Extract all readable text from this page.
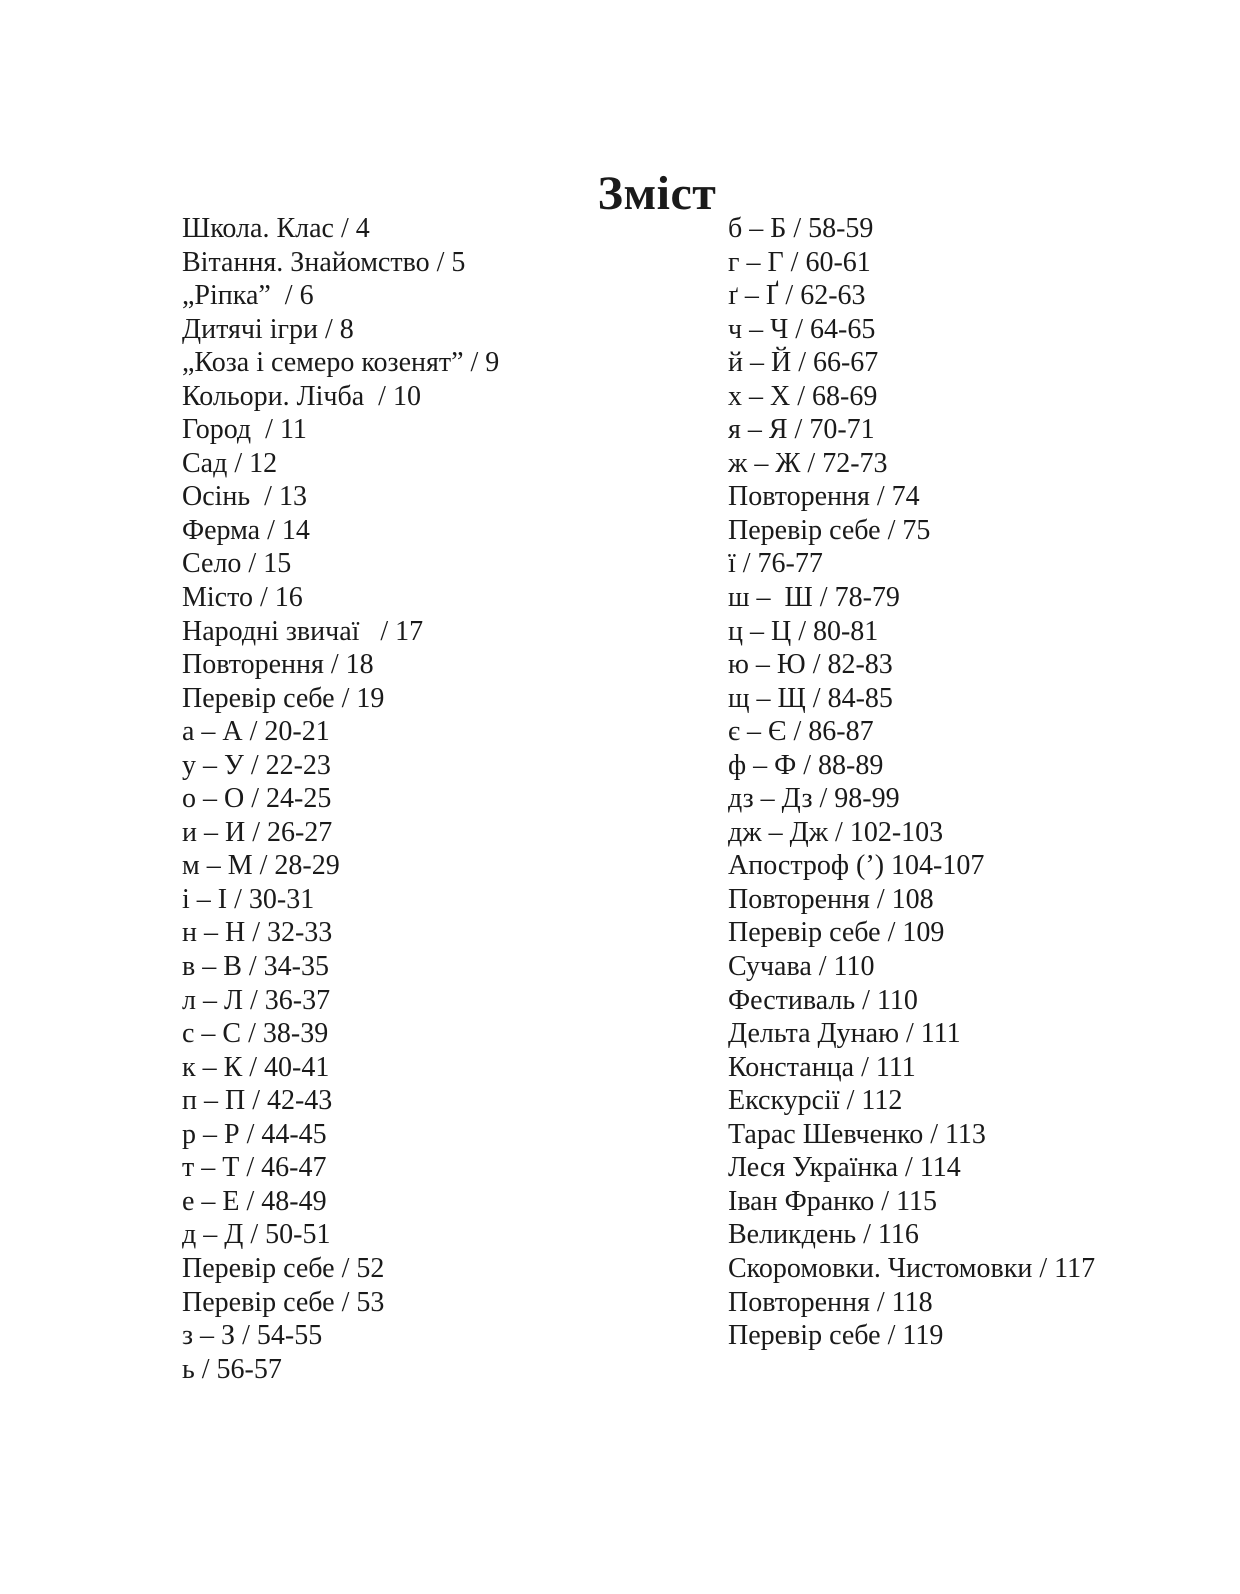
Зміст
Школа. Клас / 4
Вітання. Знайомство / 5
„Ріпка”  / 6
Дитячі ігри / 8
„Коза і семеро козенят” / 9
Кольори. Лічба  / 10
Город  / 11
Сад / 12
Осінь  / 13
Ферма / 14
Село / 15
Місто / 16
Народні звичаї   / 17
Повторення / 18
Перевір себе / 19
а – А / 20-21
у – У / 22-23
о – О / 24-25
и – И / 26-27
м – М / 28-29
і – І / 30-31
н – Н / 32-33
в – В / 34-35
л – Л / 36-37
с – С / 38-39
к – К / 40-41
п – П / 42-43
р – Р / 44-45
т – Т / 46-47
е – Е / 48-49
д – Д / 50-51
Перевір себе / 52
Перевір себе / 53
з – З / 54-55
ь / 56-57
б – Б / 58-59
г – Г / 60-61
ґ – Ґ / 62-63
ч – Ч / 64-65
й – Й / 66-67
х – Х / 68-69
я – Я / 70-71
ж – Ж / 72-73
Повторення / 74
Перевір себе / 75
ї / 76-77
ш –  Ш / 78-79
ц – Ц / 80-81
ю – Ю / 82-83
щ – Щ / 84-85
є – Є / 86-87
ф – Ф / 88-89
дз – Дз / 98-99
дж – Дж / 102-103
Апостроф (’) 104-107
Повторення / 108
Перевір себе / 109
Сучава / 110
Фестиваль / 110
Дельта Дунаю / 111
Констанца / 111
Екскурсії / 112
Тарас Шевченко / 113
Леся Українка / 114
Іван Франко / 115
Великдень / 116
Скоромовки. Чистомовки / 117
Повторення / 118
Перевір себе / 119
